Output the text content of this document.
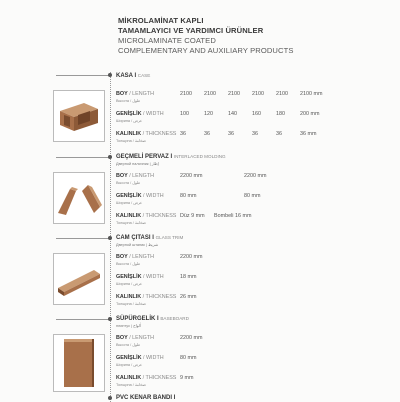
MİKROLAMİNAT KAPLI
TAMAMLAYICI VE YARDIMCI ÜRÜNLER
MICROLAMINATE COATED
COMPLEMENTARY AND AUXILIARY PRODUCTS
KASA I CASE
BOY / LENGTH
Высота / طول
2100 2100 2100 2100 2100 2100 mm
GENİŞLİK / WIDTH
Ширина / عرض
100	120	140	160	180	200 mm
KALINLIK / THICKNESS
Толщина / ضخامة
36	36	36	36	36	36 mm
GEÇMELİ PERVAZ I INTERLACED MOLDING
Дверной наличник | إطار
BOY / LENGTH
Высота / طول
2200 mm	2200 mm
GENİŞLİK / WIDTH
Ширина / عرض
80 mm	80 mm
KALINLIK / THICKNESS
Толщина / ضخامة
Düz 9 mm Bombeli 16 mm
CAM ÇITASI I GLASS TRIM
Дверной штапик | شريط
BOY / LENGTH
Высота / طول
2200 mm
GENİŞLİK / WIDTH
Ширина / عرض
18 mm
KALINLIK / THICKNESS
Толщина / ضخامة
26 mm
SÜPÜRGELİK I BASEBOARD
плинтус | ألواح
BOY / LENGTH
Высота / طول
2200 mm
GENİŞLİK / WIDTH
Ширина / عرض
80 mm
KALINLIK / THICKNESS
Толщина / ضخامة
9 mm
PVC KENAR BANDI I
